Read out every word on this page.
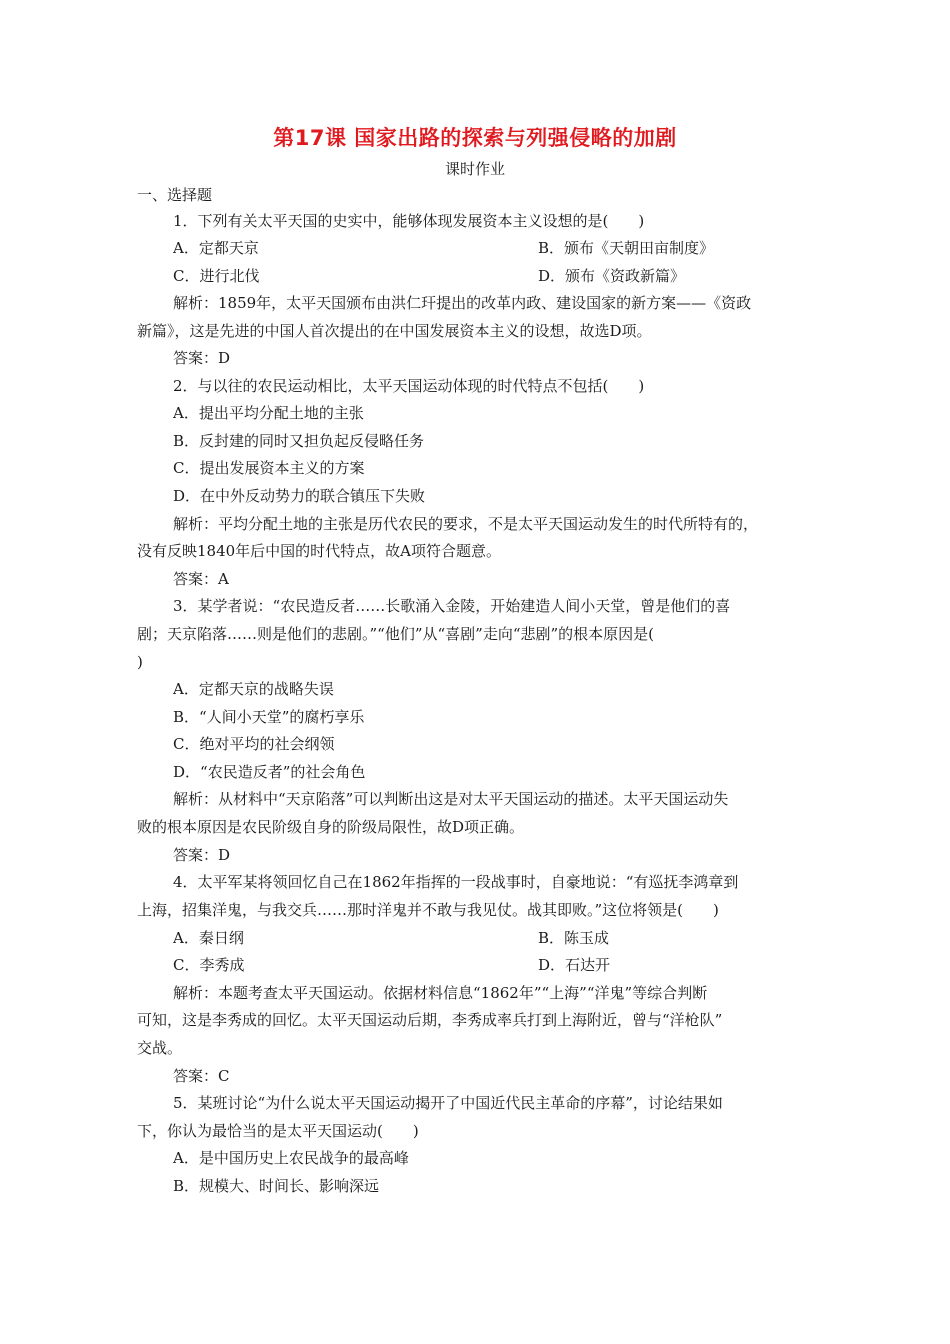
第17课 国家出路的探索与列强侵略的加剧
课时作业
一、选择题
1．下列有关太平天国的史实中，能够体现发展资本主义设想的是(　　)
A．定都天京	B．颁布《天朝田亩制度》
C．进行北伐	D．颁布《资政新篇》
解析：1859年，太平天国颁布由洪仁玕提出的改革内政、建设国家的新方案——《资政
新篇》，这是先进的中国人首次提出的在中国发展资本主义的设想，故选D项。
答案：D
2．与以往的农民运动相比，太平天国运动体现的时代特点不包括(　　)
A．提出平均分配土地的主张
B．反封建的同时又担负起反侵略任务
C．提出发展资本主义的方案
D．在中外反动势力的联合镇压下失败
解析：平均分配土地的主张是历代农民的要求，不是太平天国运动发生的时代所特有的，
没有反映1840年后中国的时代特点，故A项符合题意。
答案：A
3．某学者说：“农民造反者……长歌涌入金陵，开始建造人间小天堂，曾是他们的喜
剧；天京陷落……则是他们的悲剧。”“他们”从“喜剧”走向“悲剧”的根本原因是(
)
A．定都天京的战略失误
B．“人间小天堂”的腐朽享乐
C．绝对平均的社会纲领
D．“农民造反者”的社会角色
解析：从材料中“天京陷落”可以判断出这是对太平天国运动的描述。太平天国运动失
败的根本原因是农民阶级自身的阶级局限性，故D项正确。
答案：D
4．太平军某将领回忆自己在1862年指挥的一段战事时，自豪地说：“有巡抚李鸿章到
上海，招集洋鬼，与我交兵……那时洋鬼并不敢与我见仗。战其即败。”这位将领是(　　)
A．秦日纲	B．陈玉成
C．李秀成	D．石达开
解析：本题考查太平天国运动。依据材料信息“1862年”“上海”“洋鬼”等综合判断
可知，这是李秀成的回忆。太平天国运动后期，李秀成率兵打到上海附近，曾与“洋枪队”
交战。
答案：C
5．某班讨论“为什么说太平天国运动揭开了中国近代民主革命的序幕”，讨论结果如
下，你认为最恰当的是太平天国运动(　　)
A．是中国历史上农民战争的最高峰
B．规模大、时间长、影响深远
